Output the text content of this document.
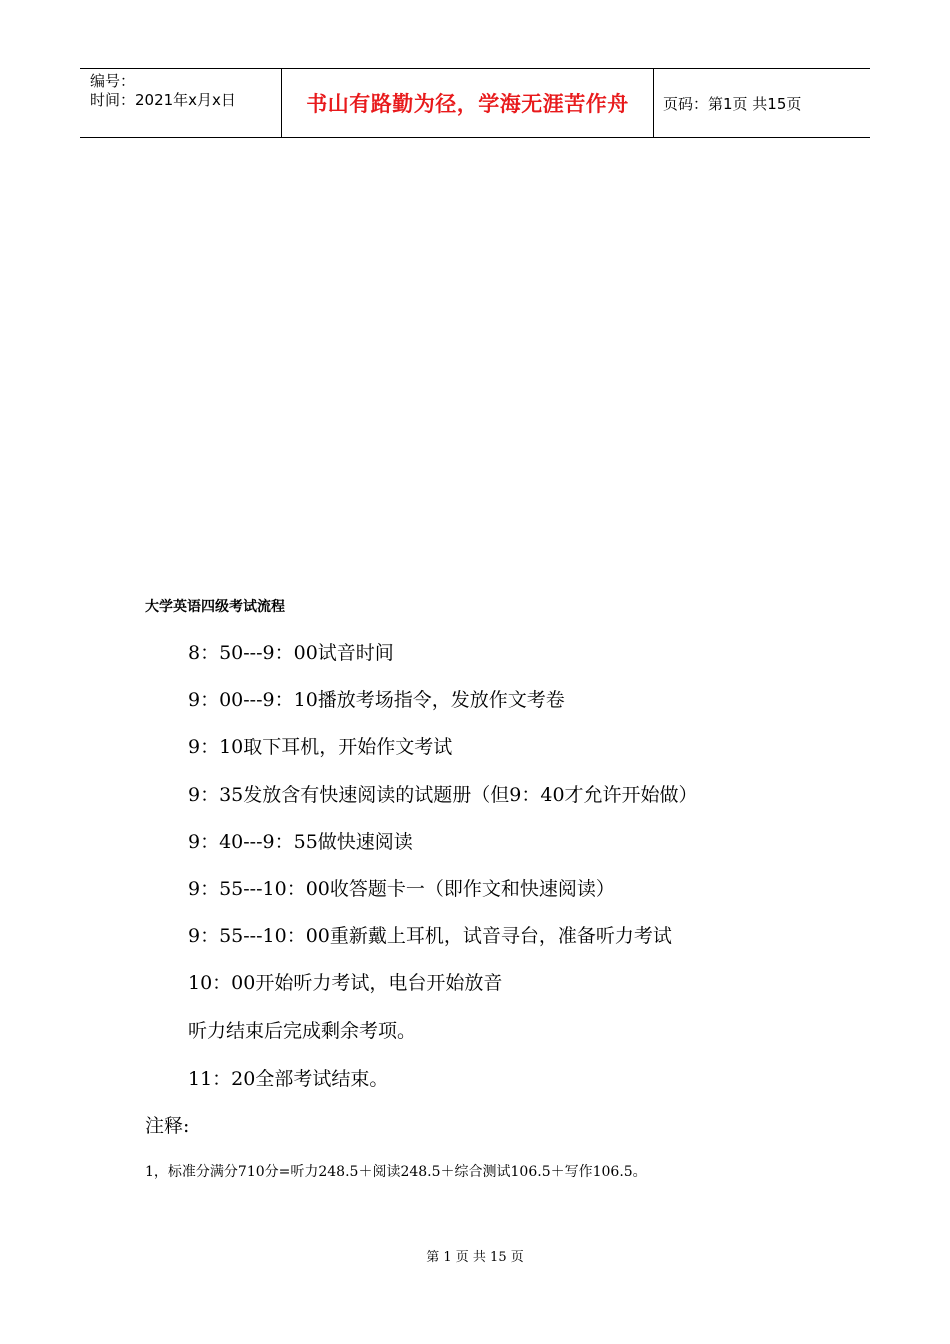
编号：
时间：2021年x月x日	书山有路勤为径，学海无涯苦作舟	页码：第1页 共15页
大学英语四级考试流程
8：50---9：00试音时间
9：00---9：10播放考场指令，发放作文考卷
9：10取下耳机，开始作文考试
9：35发放含有快速阅读的试题册（但9：40才允许开始做）
9：40---9：55做快速阅读
9：55---10：00收答题卡一（即作文和快速阅读）
9：55---10：00重新戴上耳机，试音寻台，准备听力考试
10：00开始听力考试，电台开始放音
听力结束后完成剩余考项。
11：20全部考试结束。
注释:
1，标准分满分710分=听力248.5＋阅读248.5＋综合测试106.5＋写作106.5。
第 1 页 共 15 页
